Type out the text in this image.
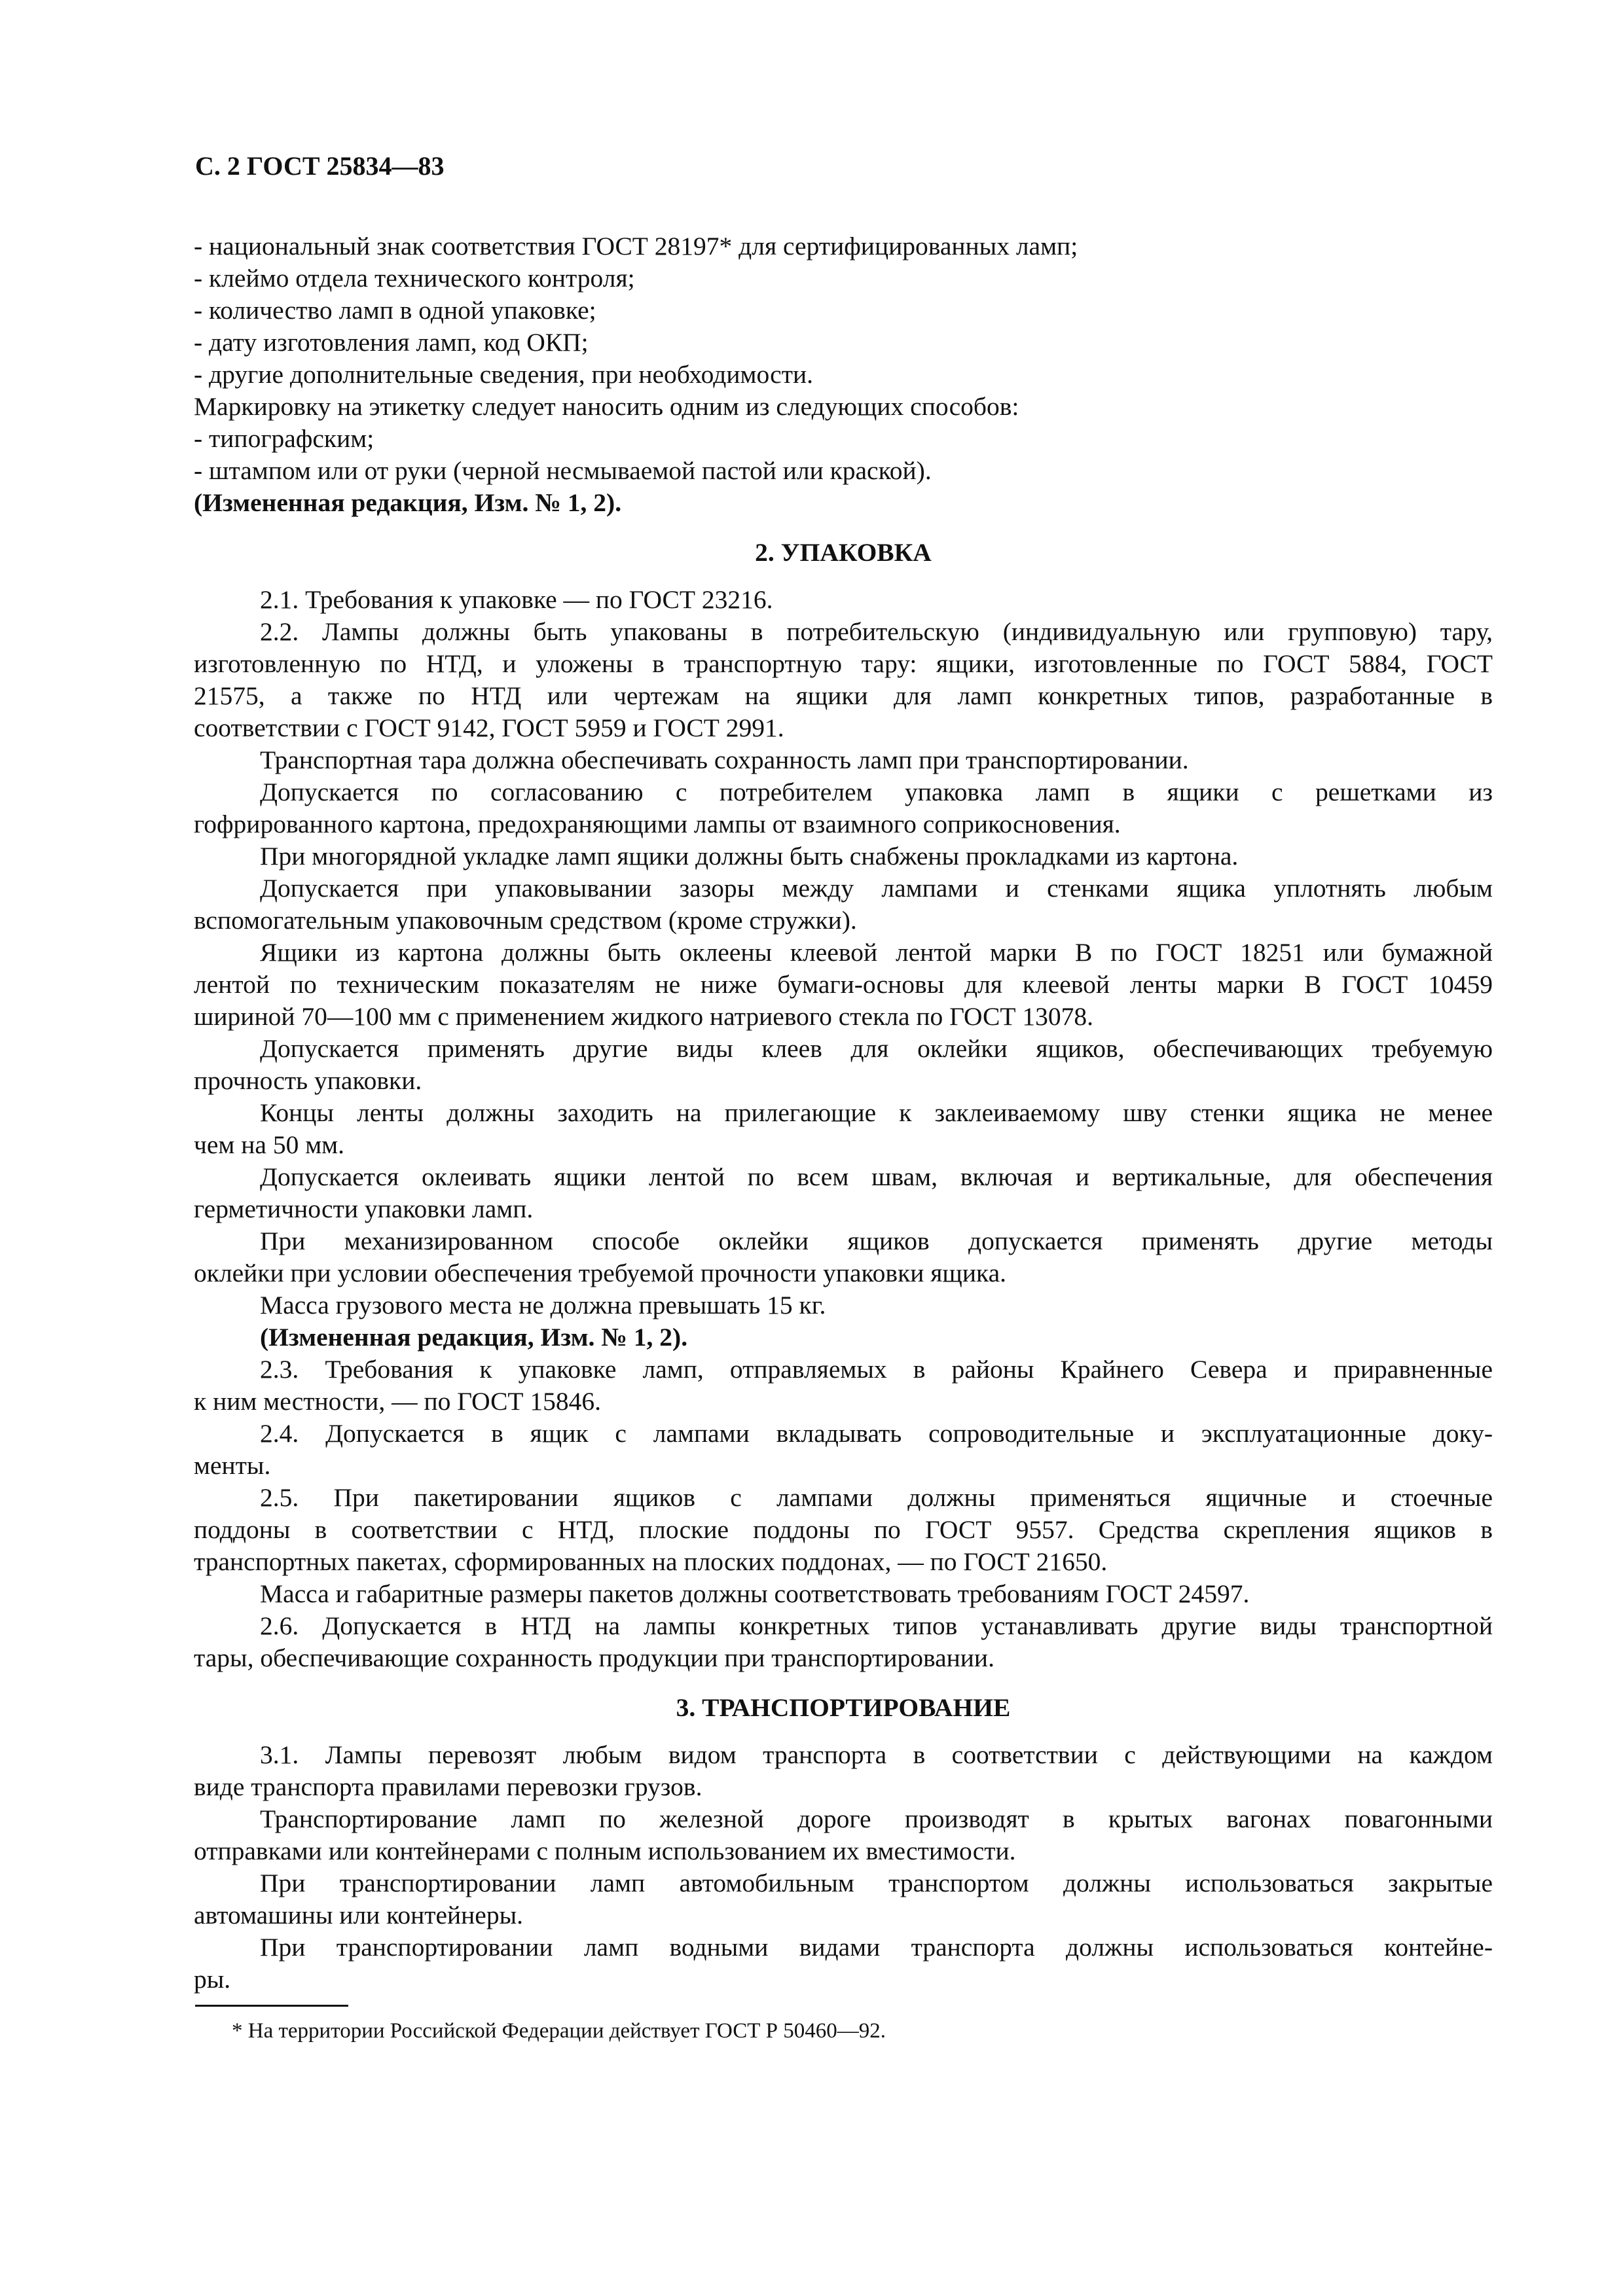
С. 2 ГОСТ 25834—83
- национальный знак соответствия ГОСТ 28197* для сертифицированных ламп;
- клеймо отдела технического контроля;
- количество ламп в одной упаковке;
- дату изготовления ламп, код ОКП;
- другие дополнительные сведения, при необходимости.
Маркировку на этикетку следует наносить одним из следующих способов:
- типографским;
- штампом или от руки (черной несмываемой пастой или краской).
(Измененная редакция, Изм. № 1, 2).
2. УПАКОВКА
2.1. Требования к упаковке — по ГОСТ 23216.
2.2. Лампы должны быть упакованы в потребительскую (индивидуальную или групповую) тару,
изготовленную по НТД, и уложены в транспортную тару: ящики, изготовленные по ГОСТ 5884, ГОСТ
21575, а также по НТД или чертежам на ящики для ламп конкретных типов, разработанные в
соответствии с ГОСТ 9142, ГОСТ 5959 и ГОСТ 2991.
Транспортная тара должна обеспечивать сохранность ламп при транспортировании.
Допускается по согласованию с потребителем упаковка ламп в ящики с решетками из
гофрированного картона, предохраняющими лампы от взаимного соприкосновения.
При многорядной укладке ламп ящики должны быть снабжены прокладками из картона.
Допускается при упаковывании зазоры между лампами и стенками ящика уплотнять любым
вспомогательным упаковочным средством (кроме стружки).
Ящики из картона должны быть оклеены клеевой лентой марки В по ГОСТ 18251 или бумажной
лентой по техническим показателям не ниже бумаги-основы для клеевой ленты марки В ГОСТ 10459
шириной 70—100 мм с применением жидкого натриевого стекла по ГОСТ 13078.
Допускается применять другие виды клеев для оклейки ящиков, обеспечивающих требуемую
прочность упаковки.
Концы ленты должны заходить на прилегающие к заклеиваемому шву стенки ящика не менее
чем на 50 мм.
Допускается оклеивать ящики лентой по всем швам, включая и вертикальные, для обеспечения
герметичности упаковки ламп.
При механизированном способе оклейки ящиков допускается применять другие методы
оклейки при условии обеспечения требуемой прочности упаковки ящика.
Масса грузового места не должна превышать 15 кг.
(Измененная редакция, Изм. № 1, 2).
2.3. Требования к упаковке ламп, отправляемых в районы Крайнего Севера и приравненные
к ним местности, — по ГОСТ 15846.
2.4. Допускается в ящик с лампами вкладывать сопроводительные и эксплуатационные доку-
менты.
2.5. При пакетировании ящиков с лампами должны применяться ящичные и стоечные
поддоны в соответствии с НТД, плоские поддоны по ГОСТ 9557. Средства скрепления ящиков в
транспортных пакетах, сформированных на плоских поддонах, — по ГОСТ 21650.
Масса и габаритные размеры пакетов должны соответствовать требованиям ГОСТ 24597.
2.6. Допускается в НТД на лампы конкретных типов устанавливать другие виды транспортной
тары, обеспечивающие сохранность продукции при транспортировании.
3. ТРАНСПОРТИРОВАНИЕ
3.1. Лампы перевозят любым видом транспорта в соответствии с действующими на каждом
виде транспорта правилами перевозки грузов.
Транспортирование ламп по железной дороге производят в крытых вагонах повагонными
отправками или контейнерами с полным использованием их вместимости.
При транспортировании ламп автомобильным транспортом должны использоваться закрытые
автомашины или контейнеры.
При транспортировании ламп водными видами транспорта должны использоваться контейне-
ры.
* На территории Российской Федерации действует ГОСТ Р 50460—92.
